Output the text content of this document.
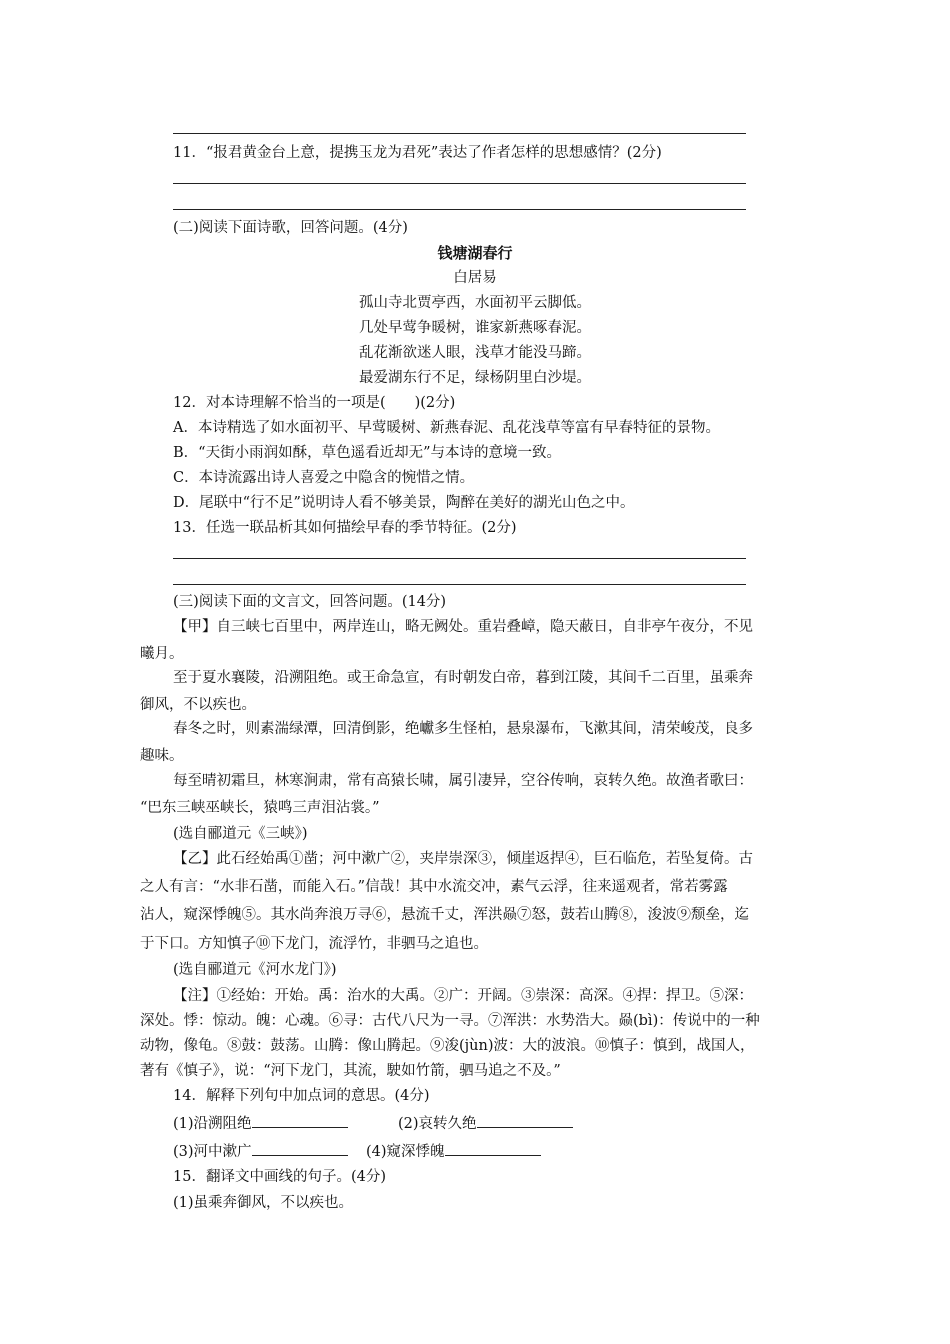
11．“报君黄金台上意，提携玉龙为君死”表达了作者怎样的思想感情？(2分)
(二)阅读下面诗歌，回答问题。(4分)
钱塘湖春行
白居易
孤山寺北贾亭西，水面初平云脚低。
几处早莺争暖树，谁家新燕啄春泥。
乱花渐欲迷人眼，浅草才能没马蹄。
最爱湖东行不足，绿杨阴里白沙堤。
12．对本诗理解不恰当的一项是(　　)(2分)
A．本诗精选了如水面初平、早莺暖树、新燕春泥、乱花浅草等富有早春特征的景物。
B．“天街小雨润如酥，草色遥看近却无”与本诗的意境一致。
C．本诗流露出诗人喜爱之中隐含的惋惜之情。
D．尾联中“行不足”说明诗人看不够美景，陶醉在美好的湖光山色之中。
13．任选一联品析其如何描绘早春的季节特征。(2分)
(三)阅读下面的文言文，回答问题。(14分)
【甲】自三峡七百里中，两岸连山，略无阙处。重岩叠嶂，隐天蔽日，自非亭午夜分，不见
曦月。
至于夏水襄陵，沿溯阻绝。或王命急宣，有时朝发白帝，暮到江陵，其间千二百里，虽乘奔
御风，不以疾也。
春冬之时，则素湍绿潭，回清倒影，绝巘多生怪柏，悬泉瀑布，飞漱其间，清荣峻茂，良多
趣味。
每至晴初霜旦，林寒涧肃，常有高猿长啸，属引凄异，空谷传响，哀转久绝。故渔者歌曰：
“巴东三峡巫峡长，猿鸣三声泪沾裳。”
(选自郦道元《三峡》)
【乙】此石经始禹①凿；河中漱广②，夹岸崇深③，倾崖返捍④，巨石临危，若坠复倚。古
之人有言：“水非石凿，而能入石。”信哉！其中水流交冲，素气云浮，往来遥观者，常若雾露
沾人，窥深悸魄⑤。其水尚奔浪万寻⑥，悬流千丈，浑洪赑⑦怒，鼓若山腾⑧，浚波⑨颓垒，迄
于下口。方知慎子⑩下龙门，流浮竹，非驷马之追也。
(选自郦道元《河水龙门》)
【注】①经始：开始。禹：治水的大禹。②广：开阔。③崇深：高深。④捍：捍卫。⑤深：
深处。悸：惊动。魄：心魂。⑥寻：古代八尺为一寻。⑦浑洪：水势浩大。赑(bì)：传说中的一种
动物，像龟。⑧鼓：鼓荡。山腾：像山腾起。⑨浚(jùn)波：大的波浪。⑩慎子：慎到，战国人，
著有《慎子》，说：“河下龙门，其流，駛如竹箭，驷马追之不及。”
14．解释下列句中加点词的意思。(4分)
(1)沿溯阻绝	(2)哀转久绝
(3)河中漱广	(4)窥深悸魄
15．翻译文中画线的句子。(4分)
(1)虽乘奔御风，不以疾也。
